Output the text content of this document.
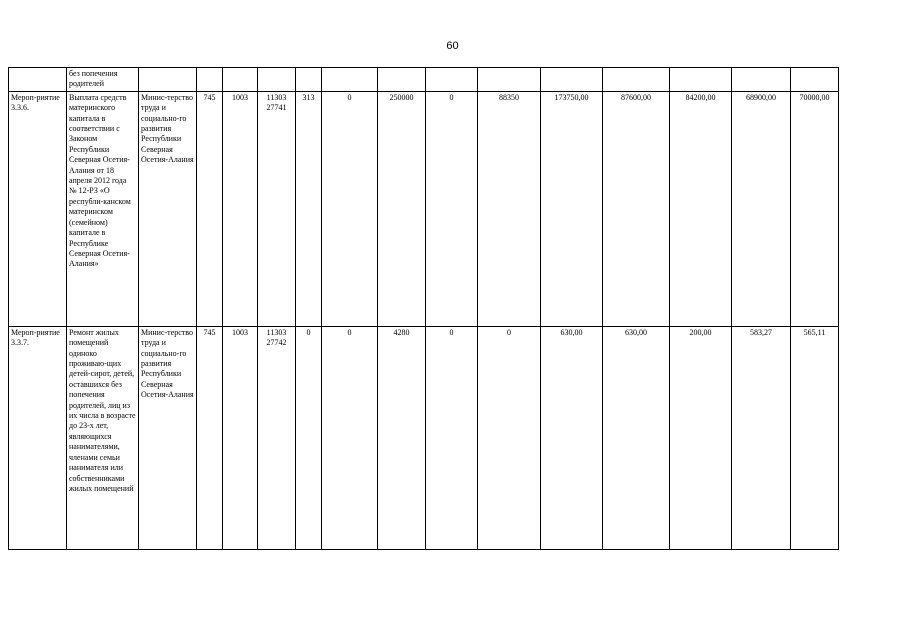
60
	без попечения родителей														
Мероп-риятие 3.3.6.	Выплата средств материнского капитала в соответствии с Законом Республики Северная Осетия-Алания от 18 апреля 2012 года № 12-РЗ «О республи-канском материнском (семейном) капитале в Республике Северная Осетия-Алания»	Минис-терство труда и социально-го развития Республики Северная Осетия-Алания	745	1003	11303 27741	313	0	250000	0	88350	173750,00	87600,00	84200,00	68900,00	70000,00
Мероп-риятие 3.3.7.	Ремонт жилых помещений одиноко проживаю-щих детей-сирот, детей, оставшихся без попечения родителей, лиц из их числа в возрасте до 23-х лет, являющихся нанимателями, членами семьи нанимателя или собственниками жилых помещений	Минис-терство труда и социально-го развития Республики Северная Осетия-Алания	745	1003	11303 27742	0	0	4280	0	0	630,00	630,00	200,00	583,27	565,11
